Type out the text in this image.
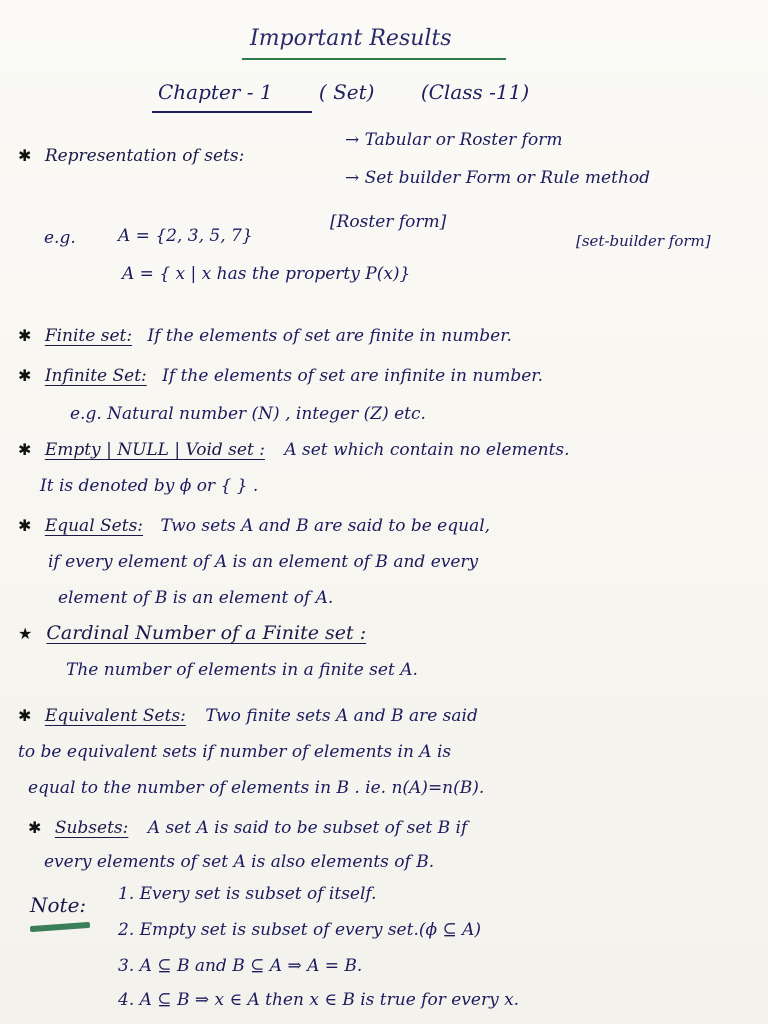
Important Results
Chapter - 1 ( Set) (Class -11)
✱ Representation of sets:
→ Tabular or Roster form
→ Set builder Form or Rule method
e.g. A = {2, 3, 5, 7}
[Roster form]
A = { x | x has the property P(x)}
[set-builder form]
✱ Finite set: If the elements of set are finite in number.
✱ Infinite Set: If the elements of set are infinite in number.
e.g. Natural number (N) , integer (Z) etc.
✱ Empty | NULL | Void set : A set which contain no elements.
It is denoted by ϕ or { } .
✱ Equal Sets: Two sets A and B are said to be equal,
if every element of A is an element of B and every
element of B is an element of A.
★ Cardinal Number of a Finite set :
The number of elements in a finite set A.
✱ Equivalent Sets: Two finite sets A and B are said
to be equivalent sets if number of elements in A is
equal to the number of elements in B . ie. n(A)=n(B).
✱ Subsets: A set A is said to be subset of set B if
every elements of set A is also elements of B.
Note: 1. Every set is subset of itself.
2. Empty set is subset of every set.(ϕ ⊆ A)
3. A ⊆ B and B ⊆ A ⇒ A = B.
4. A ⊆ B ⇒ x ∈ A then x ∈ B is true for every x.
